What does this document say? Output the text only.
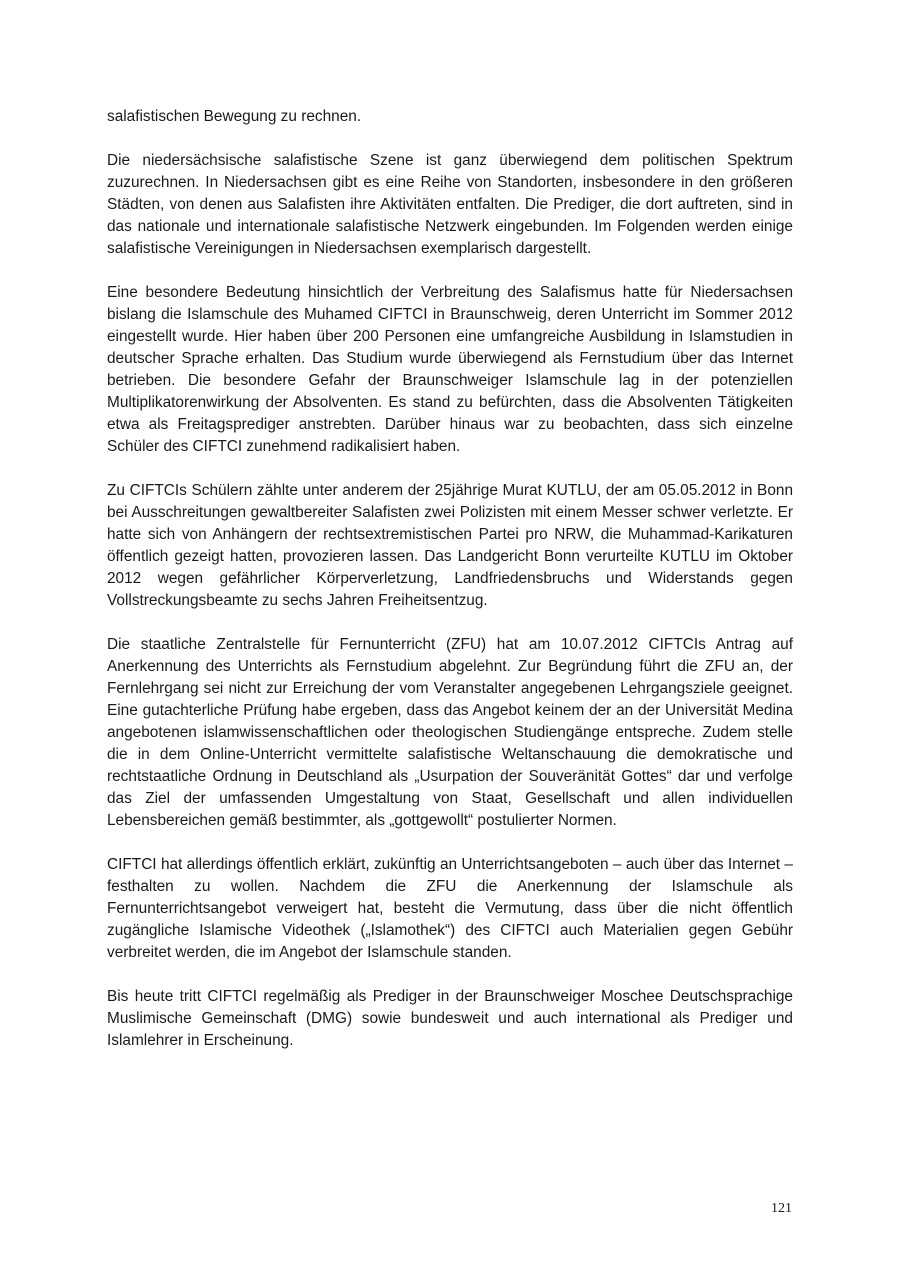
salafistischen Bewegung zu rechnen.

Die niedersächsische salafistische Szene ist ganz überwiegend dem politischen Spektrum zuzurechnen. In Niedersachsen gibt es eine Reihe von Standorten, insbesondere in den größeren Städten, von denen aus Salafisten ihre Aktivitäten entfalten. Die Prediger, die dort auftreten, sind in das nationale und internationale salafistische Netzwerk eingebunden. Im Folgenden werden einige salafistische Vereinigungen in Niedersachsen exemplarisch dargestellt.

Eine besondere Bedeutung hinsichtlich der Verbreitung des Salafismus hatte für Niedersachsen bislang die Islamschule des Muhamed CIFTCI in Braunschweig, deren Unterricht im Sommer 2012 eingestellt wurde. Hier haben über 200 Personen eine umfangreiche Ausbildung in Islamstudien in deutscher Sprache erhalten. Das Studium wurde überwiegend als Fernstudium über das Internet betrieben. Die besondere Gefahr der Braunschweiger Islamschule lag in der potenziellen Multiplikatorenwirkung der Absolventen. Es stand zu befürchten, dass die Absolventen Tätigkeiten etwa als Freitagsprediger anstrebten. Darüber hinaus war zu beobachten, dass sich einzelne Schüler des CIFTCI zunehmend radikalisiert haben.

Zu CIFTCIs Schülern zählte unter anderem der 25jährige Murat KUTLU, der am 05.05.2012 in Bonn bei Ausschreitungen gewaltbereiter Salafisten zwei Polizisten mit einem Messer schwer verletzte. Er hatte sich von Anhängern der rechtsextremistischen Partei pro NRW, die Muhammad-Karikaturen öffentlich gezeigt hatten, provozieren lassen. Das Landgericht Bonn verurteilte KUTLU im Oktober 2012 wegen gefährlicher Körperverletzung, Landfriedensbruchs und Widerstands gegen Vollstreckungsbeamte zu sechs Jahren Freiheitsentzug.

Die staatliche Zentralstelle für Fernunterricht (ZFU) hat am 10.07.2012 CIFTCIs Antrag auf Anerkennung des Unterrichts als Fernstudium abgelehnt. Zur Begründung führt die ZFU an, der Fernlehrgang sei nicht zur Erreichung der vom Veranstalter angegebenen Lehrgangsziele geeignet. Eine gutachterliche Prüfung habe ergeben, dass das Angebot keinem der an der Universität Medina angebotenen islamwissenschaftlichen oder theologischen Studiengänge entspreche. Zudem stelle die in dem Online-Unterricht vermittelte salafistische Weltanschauung die demokratische und rechtstaatliche Ordnung in Deutschland als „Usurpation der Souveränität Gottes“ dar und verfolge das Ziel der umfassenden Umgestaltung von Staat, Gesellschaft und allen individuellen Lebensbereichen gemäß bestimmter, als „gottgewollt“ postulierter Normen.

CIFTCI hat allerdings öffentlich erklärt, zukünftig an Unterrichtsangeboten – auch über das Internet – festhalten zu wollen. Nachdem die ZFU die Anerkennung der Islamschule als Fernunterrichtsangebot verweigert hat, besteht die Vermutung, dass über die nicht öffentlich zugängliche Islamische Videothek („Islamothek“) des CIFTCI auch Materialien gegen Gebühr verbreitet werden, die im Angebot der Islamschule standen.

Bis heute tritt CIFTCI regelmäßig als Prediger in der Braunschweiger Moschee Deutschsprachige Muslimische Gemeinschaft (DMG) sowie bundesweit und auch international als Prediger und Islamlehrer in Erscheinung.

121
